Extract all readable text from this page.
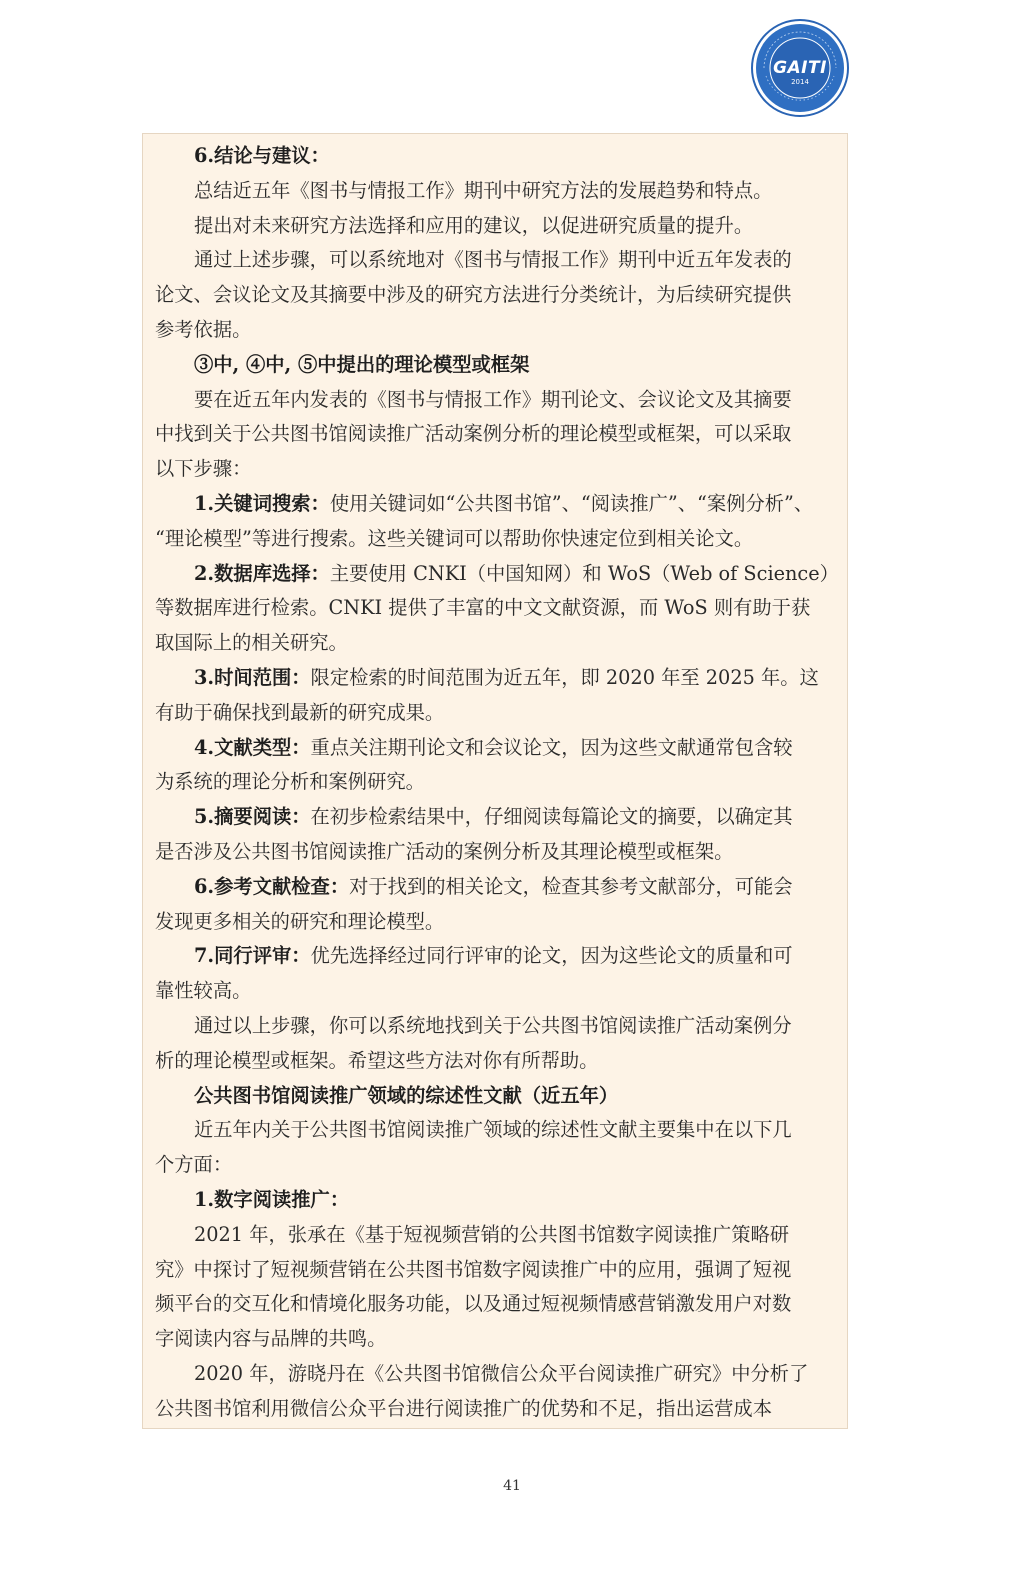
GAITI
2014
6.结论与建议：
总结近五年《图书与情报工作》期刊中研究方法的发展趋势和特点。
提出对未来研究方法选择和应用的建议，以促进研究质量的提升。
通过上述步骤，可以系统地对《图书与情报工作》期刊中近五年发表的
论文、会议论文及其摘要中涉及的研究方法进行分类统计，为后续研究提供
参考依据。
③中, ④中, ⑤中提出的理论模型或框架
要在近五年内发表的《图书与情报工作》期刊论文、会议论文及其摘要
中找到关于公共图书馆阅读推广活动案例分析的理论模型或框架，可以采取
以下步骤：
1.关键词搜索：使用关键词如“公共图书馆”、“阅读推广”、“案例分析”、
“理论模型”等进行搜索。这些关键词可以帮助你快速定位到相关论文。
2.数据库选择：主要使用 CNKI（中国知网）和 WoS（Web of Science）
等数据库进行检索。CNKI 提供了丰富的中文文献资源，而 WoS 则有助于获
取国际上的相关研究。
3.时间范围：限定检索的时间范围为近五年，即 2020 年至 2025 年。这
有助于确保找到最新的研究成果。
4.文献类型：重点关注期刊论文和会议论文，因为这些文献通常包含较
为系统的理论分析和案例研究。
5.摘要阅读：在初步检索结果中，仔细阅读每篇论文的摘要，以确定其
是否涉及公共图书馆阅读推广活动的案例分析及其理论模型或框架。
6.参考文献检查：对于找到的相关论文，检查其参考文献部分，可能会
发现更多相关的研究和理论模型。
7.同行评审：优先选择经过同行评审的论文，因为这些论文的质量和可
靠性较高。
通过以上步骤，你可以系统地找到关于公共图书馆阅读推广活动案例分
析的理论模型或框架。希望这些方法对你有所帮助。
公共图书馆阅读推广领域的综述性文献（近五年）
近五年内关于公共图书馆阅读推广领域的综述性文献主要集中在以下几
个方面：
1.数字阅读推广：
2021 年，张承在《基于短视频营销的公共图书馆数字阅读推广策略研
究》中探讨了短视频营销在公共图书馆数字阅读推广中的应用，强调了短视
频平台的交互化和情境化服务功能，以及通过短视频情感营销激发用户对数
字阅读内容与品牌的共鸣。
2020 年，游晓丹在《公共图书馆微信公众平台阅读推广研究》中分析了
公共图书馆利用微信公众平台进行阅读推广的优势和不足，指出运营成本
41
